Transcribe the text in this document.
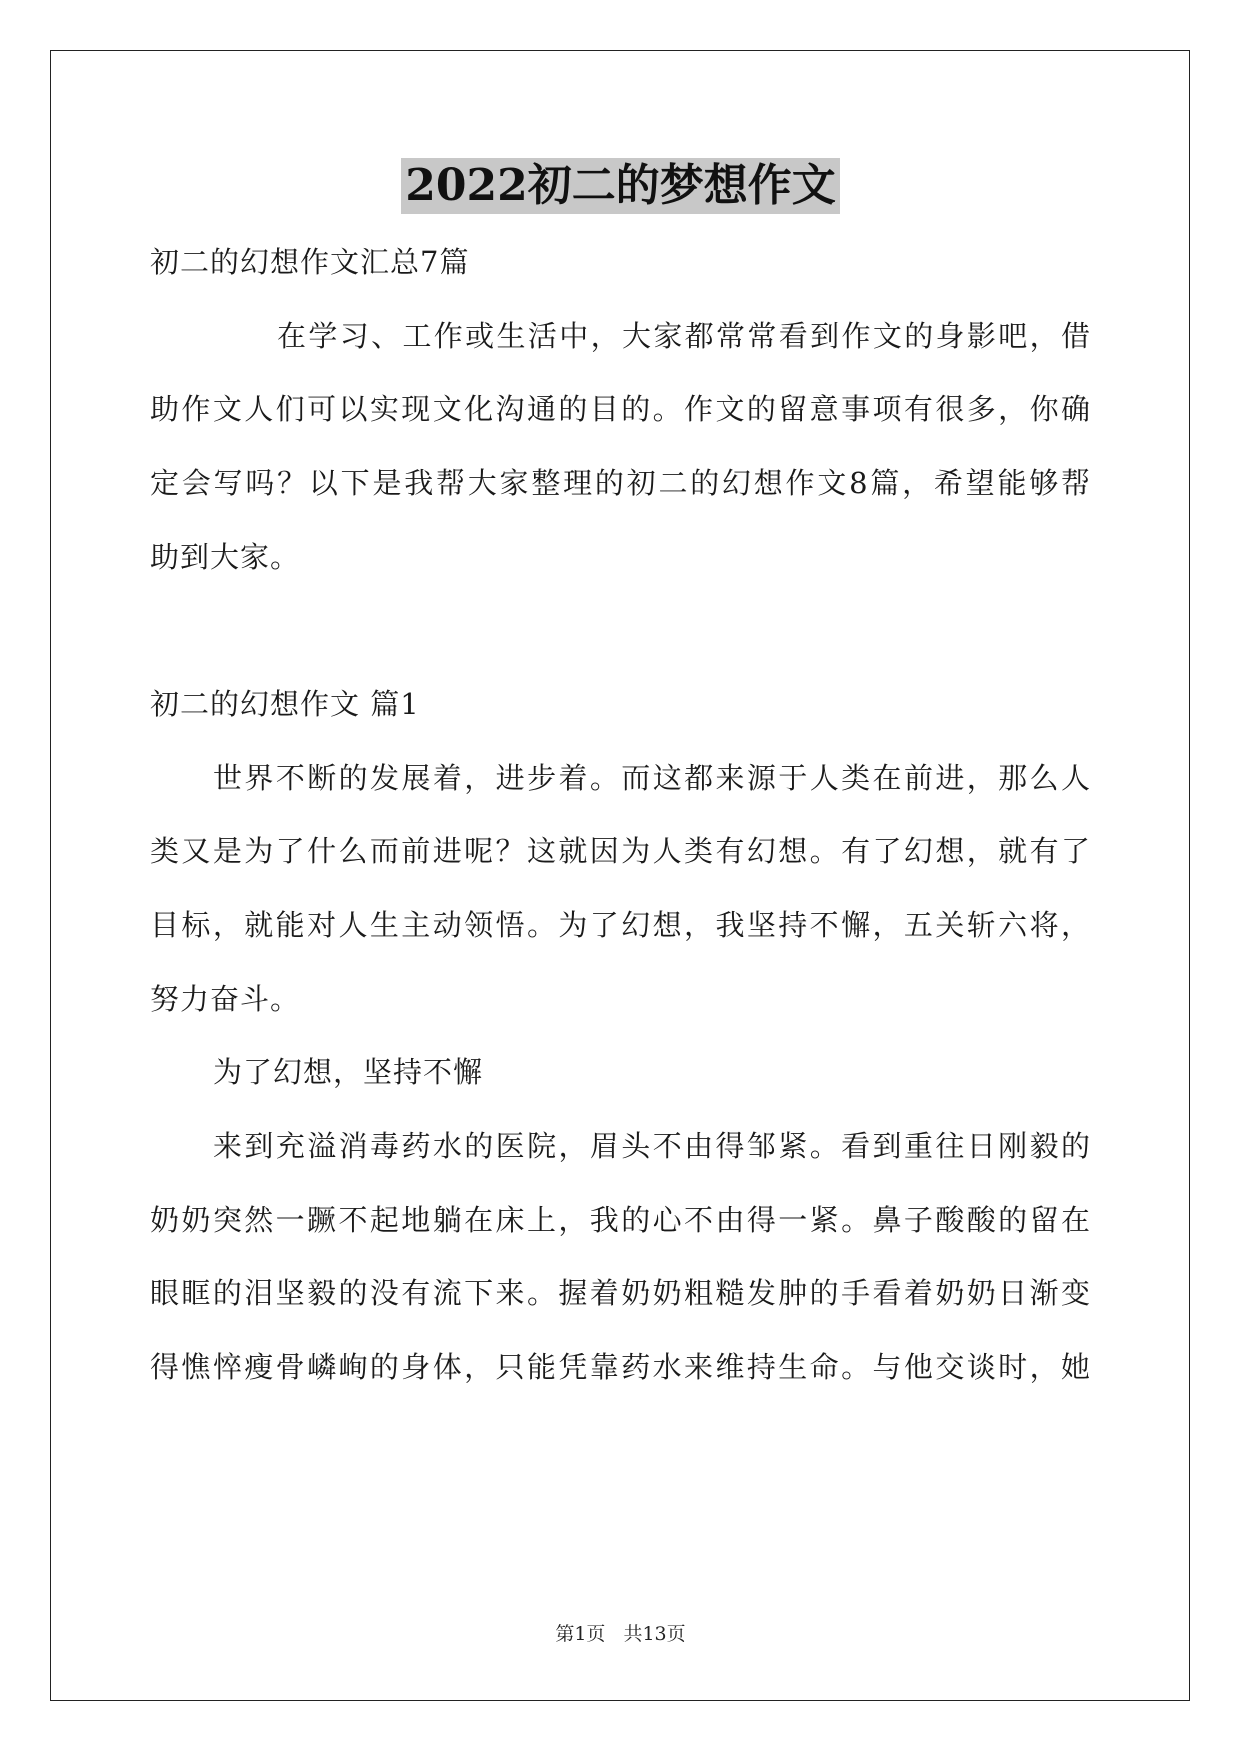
2022初二的梦想作文
初二的幻想作文汇总7篇
在学习、工作或生活中，大家都常常看到作文的身影吧，借
助作文人们可以实现文化沟通的目的。作文的留意事项有很多，你确
定会写吗？以下是我帮大家整理的初二的幻想作文8篇，希望能够帮
助到大家。
初二的幻想作文 篇1
世界不断的发展着，进步着。而这都来源于人类在前进，那么人
类又是为了什么而前进呢？这就因为人类有幻想。有了幻想，就有了
目标，就能对人生主动领悟。为了幻想，我坚持不懈，五关斩六将，
努力奋斗。
为了幻想，坚持不懈
来到充溢消毒药水的医院，眉头不由得邹紧。看到重往日刚毅的
奶奶突然一蹶不起地躺在床上，我的心不由得一紧。鼻子酸酸的留在
眼眶的泪坚毅的没有流下来。握着奶奶粗糙发肿的手看着奶奶日渐变
得憔悴瘦骨嶙峋的身体，只能凭靠药水来维持生命。与他交谈时，她
第1页 共13页
